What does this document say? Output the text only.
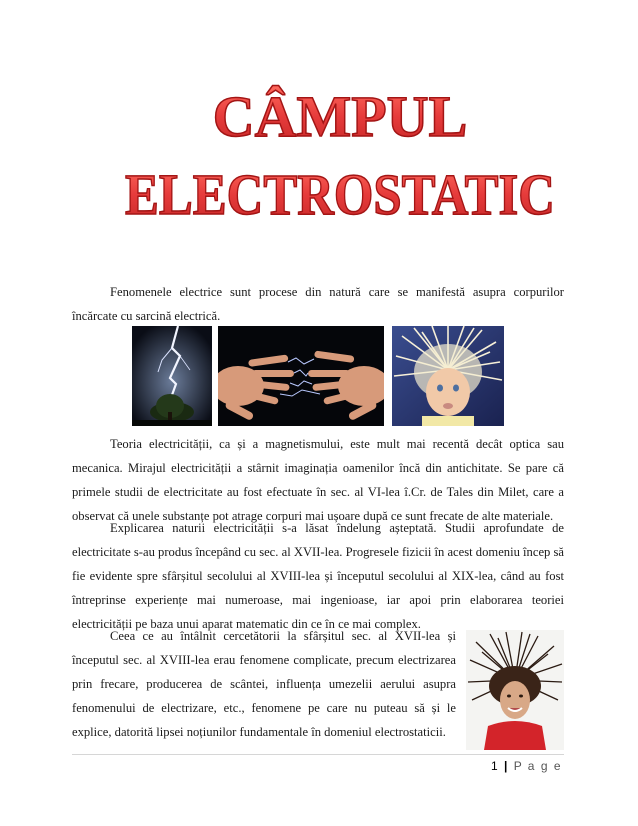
CÂMPUL
ELECTROSTATIC

Fenomenele electrice sunt procese din natură care se manifestă asupra corpurilor încărcate cu sarcină electrică.

Teoria electricității, ca și a magnetismului, este mult mai recentă decât optica sau mecanica. Mirajul electricității a stârnit imaginația oamenilor încă din antichitate. Se pare că primele studii de electricitate au fost efectuate în sec. al VI-lea î.Cr. de Tales din Milet, care a observat că unele substanțe pot atrage corpuri mai ușoare după ce sunt frecate de alte materiale.

Explicarea naturii electricității s-a lăsat îndelung așteptată. Studii aprofundate de electricitate s-au produs începând cu sec. al XVII-lea. Progresele fizicii în acest domeniu încep să fie evidente spre sfârșitul secolului al XVIII-lea și începutul secolului al XIX-lea, când au fost întreprinse experiențe mai numeroase, mai ingenioase, iar apoi prin elaborarea teoriei electricității pe baza unui aparat matematic din ce în ce mai complex.

Ceea ce au întâlnit cercetătorii la sfârșitul sec. al XVII-lea și începutul sec. al XVIII-lea erau fenomene complicate, precum electrizarea prin frecare, producerea de scântei, influența umezelii aerului asupra fenomenului de electrizare, etc., fenomene pe care nu puteau să și le explice, datorită lipsei noțiunilor fundamentale în domeniul electrostaticii.

1 | P a g e
